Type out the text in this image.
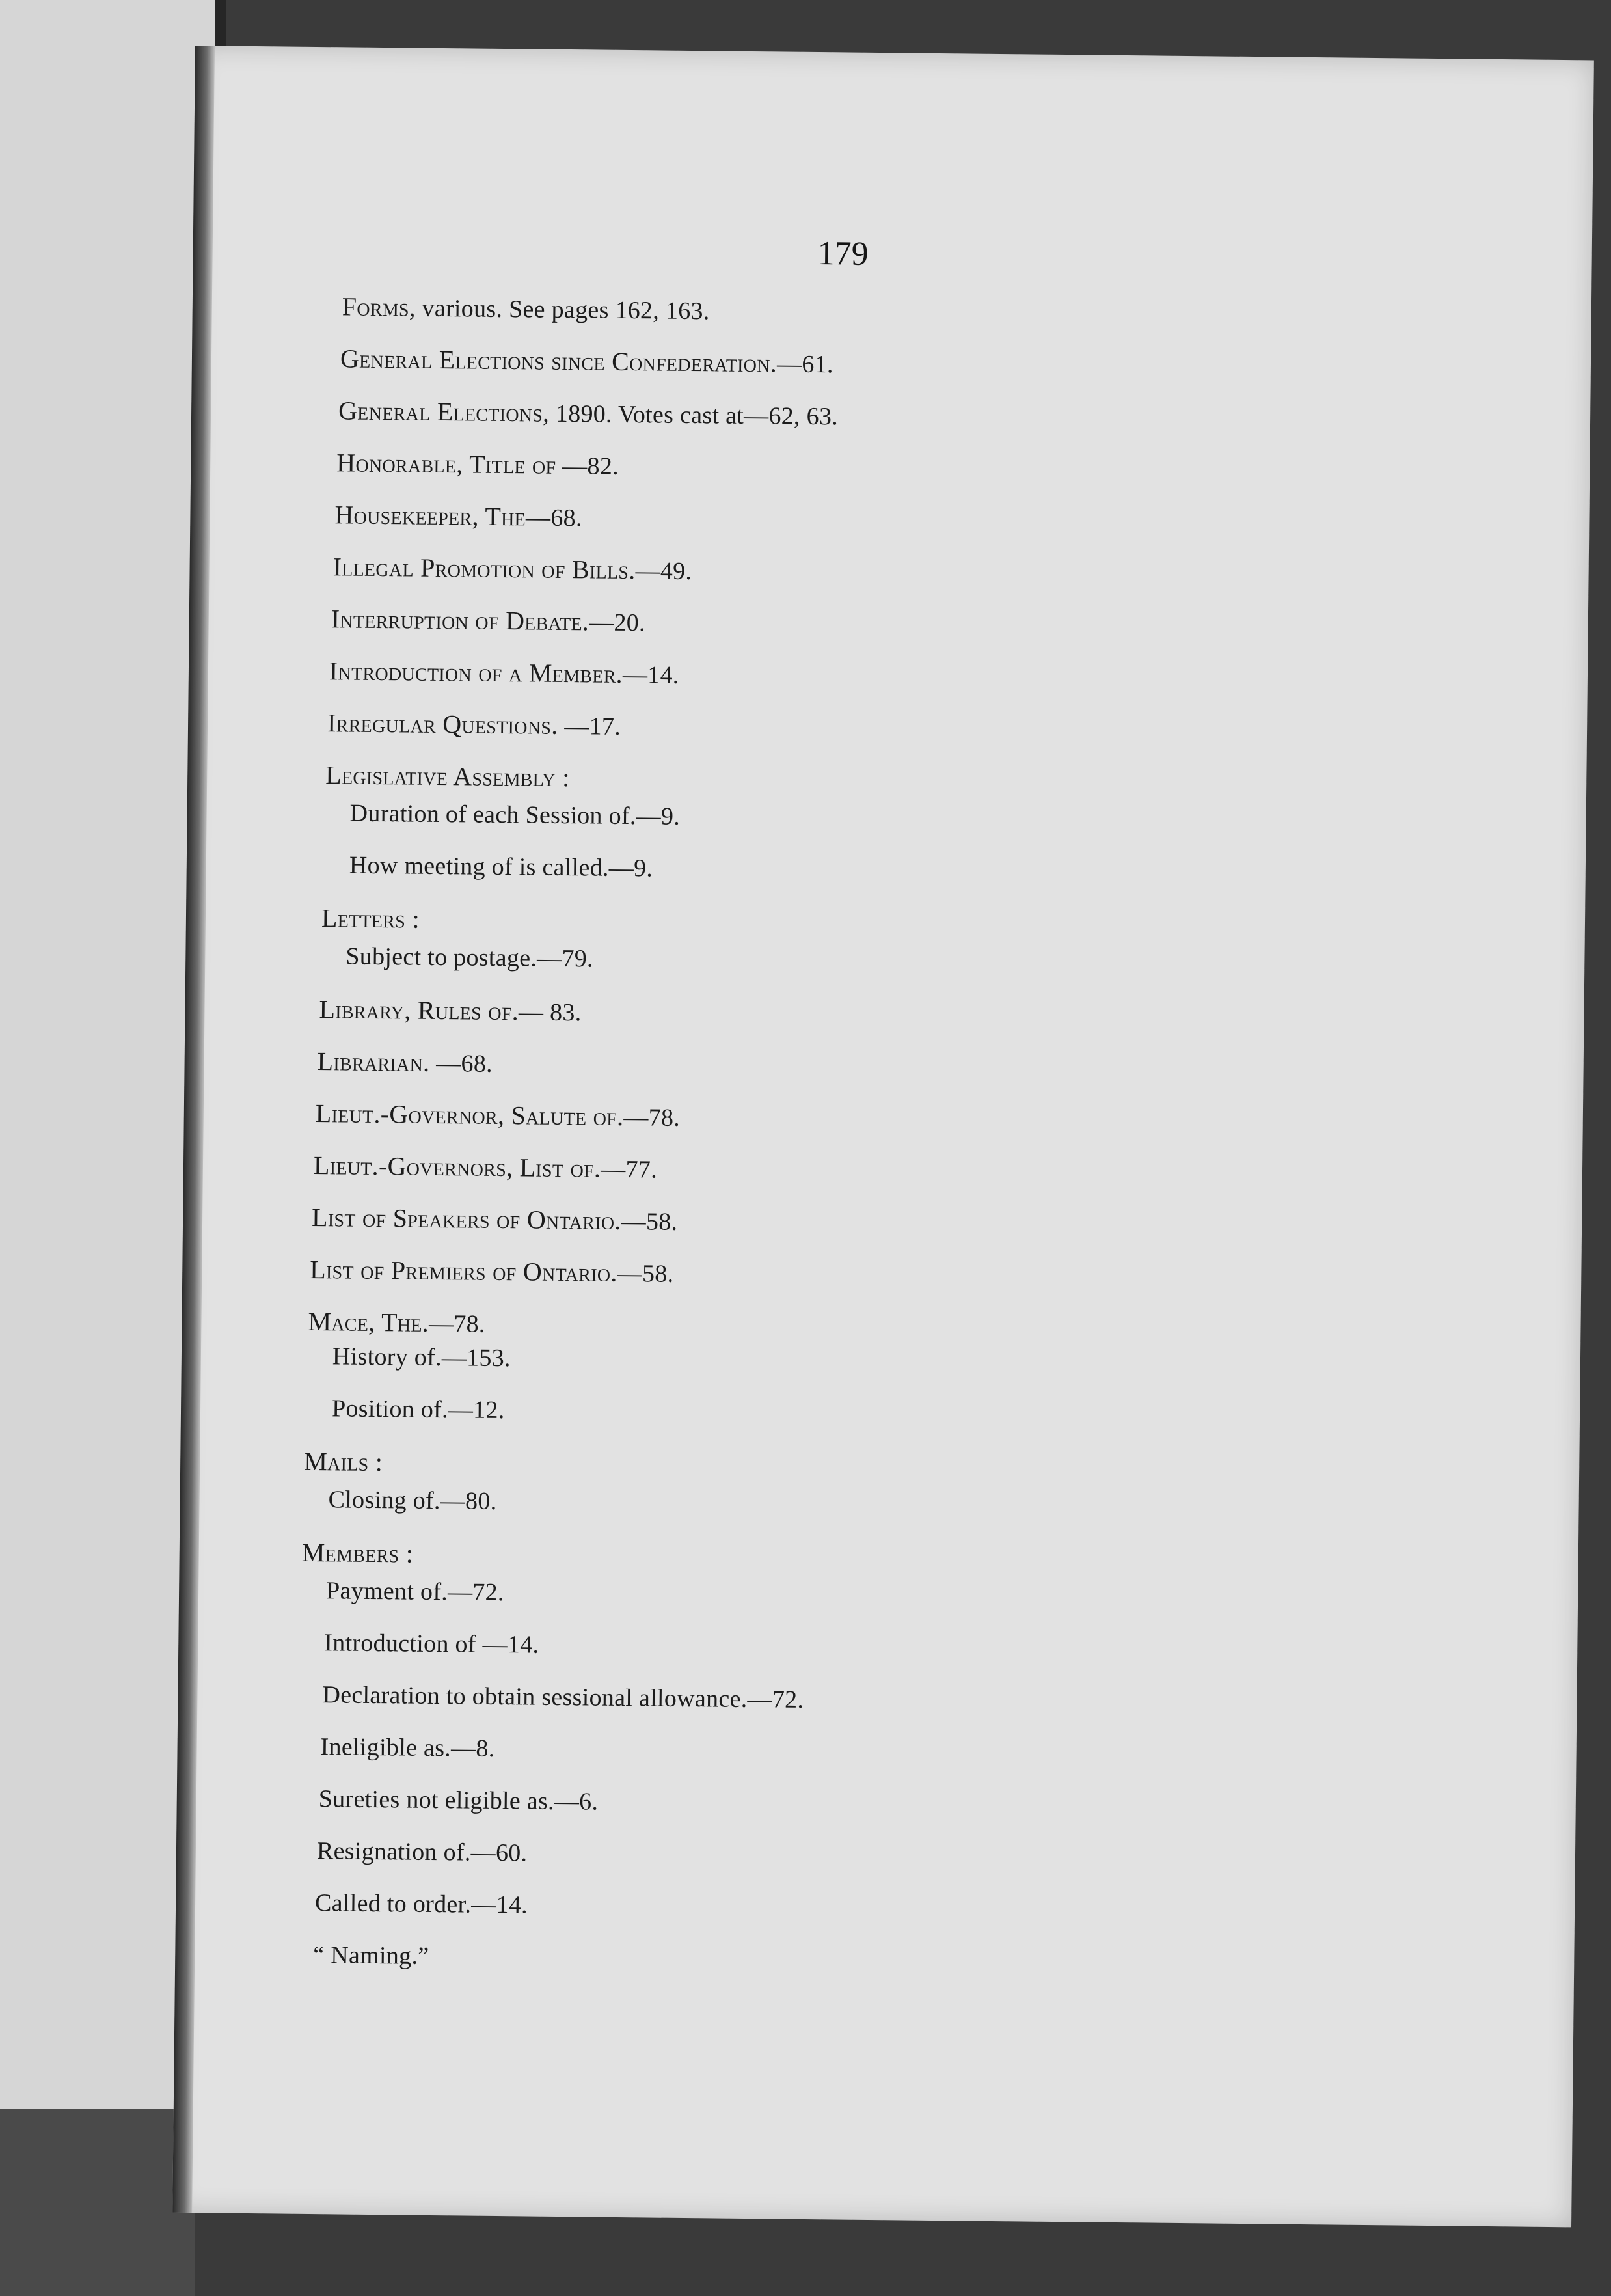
179

Forms, various. See pages 162, 163.
General Elections since Confederation.—61.
General Elections, 1890. Votes cast at—62, 63.
Honorable, Title of —82.
Housekeeper, The—68.
Illegal Promotion of Bills.—49.
Interruption of Debate.—20.
Introduction of a Member.—14.
Irregular Questions. —17.
Legislative Assembly :
Duration of each Session of.—9.
How meeting of is called.—9.
Letters :
Subject to postage.—79.
Library, Rules of.— 83.
Librarian. —68.
Lieut.-Governor, Salute of.—78.
Lieut.-Governors, List of.—77.
List of Speakers of Ontario.—58.
List of Premiers of Ontario.—58.
Mace, The.—78.
History of.—153.
Position of.—12.
Mails :
Closing of.—80.
Members :
Payment of.—72.
Introduction of —14.
Declaration to obtain sessional allowance.—72.
Ineligible as.—8.
Sureties not eligible as.—6.
Resignation of.—60.
Called to order.—14.
“ Naming.”
